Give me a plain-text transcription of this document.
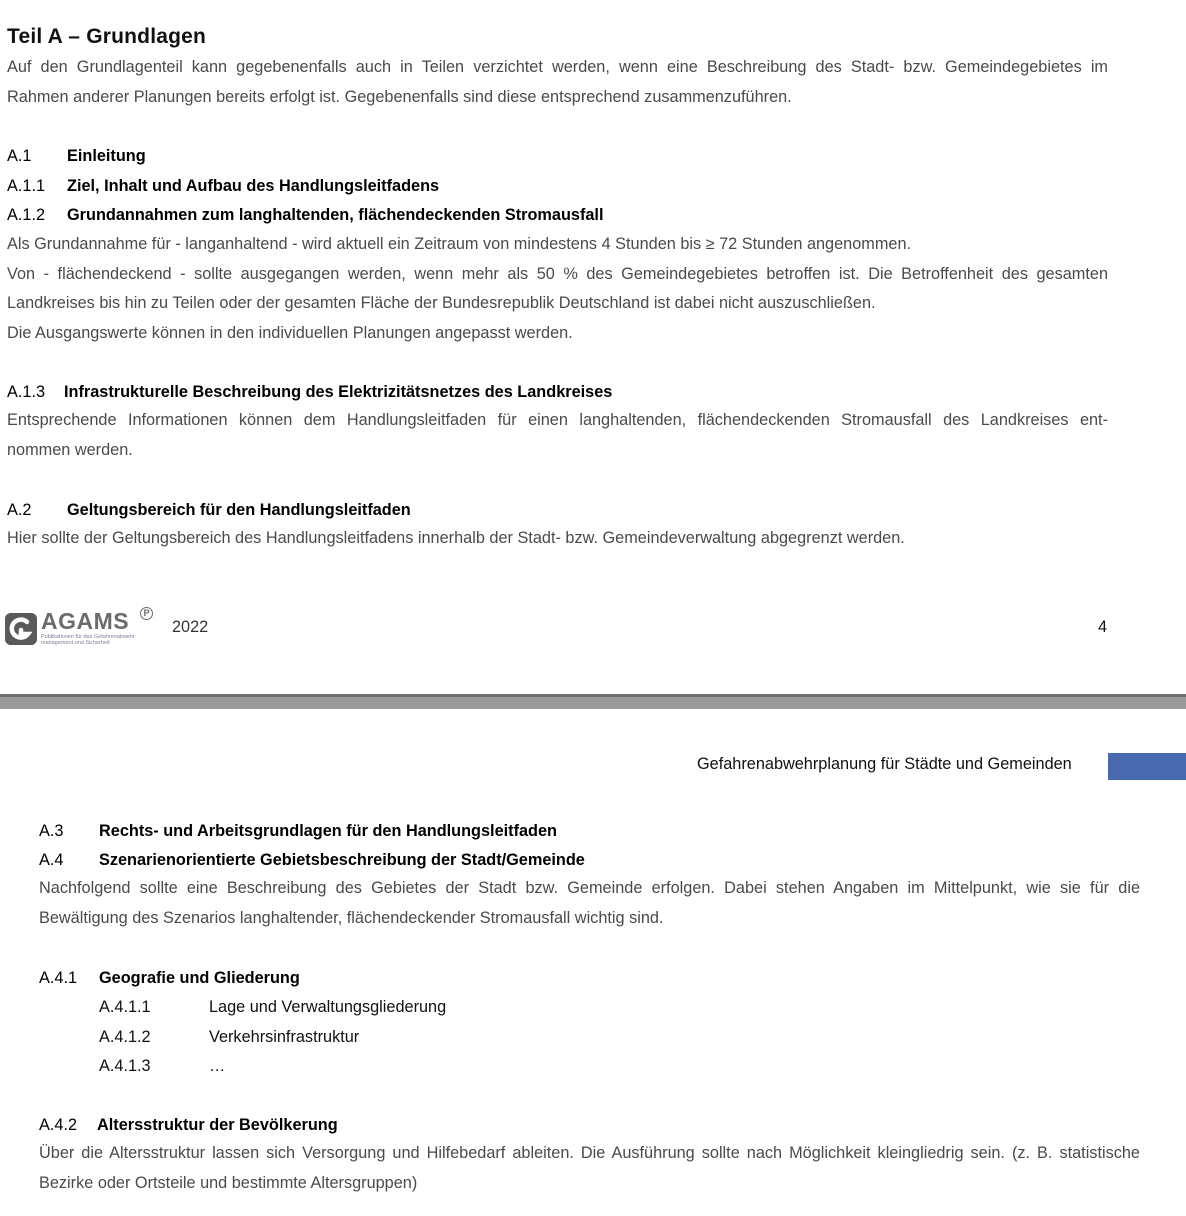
Teil A – Grundlagen
Auf den Grundlagenteil kann gegebenenfalls auch in Teilen verzichtet werden, wenn eine Beschreibung des Stadt- bzw. Gemeindegebietes im
Rahmen anderer Planungen bereits erfolgt ist. Gegebenenfalls sind diese entsprechend zusammenzuführen.
A.1 Einleitung
A.1.1 Ziel, Inhalt und Aufbau des Handlungsleitfadens
A.1.2 Grundannahmen zum langhaltenden, flächendeckenden Stromausfall
Als Grundannahme für - langanhaltend - wird aktuell ein Zeitraum von mindestens 4 Stunden bis ≥ 72 Stunden angenommen.
Von - flächendeckend - sollte ausgegangen werden, wenn mehr als 50 % des Gemeindegebietes betroffen ist. Die Betroffenheit des gesamten
Landkreises bis hin zu Teilen oder der gesamten Fläche der Bundesrepublik Deutschland ist dabei nicht auszuschließen.
Die Ausgangswerte können in den individuellen Planungen angepasst werden.
A.1.3 Infrastrukturelle Beschreibung des Elektrizitätsnetzes des Landkreises
Entsprechende Informationen können dem Handlungsleitfaden für einen langhaltenden, flächendeckenden Stromausfall des Landkreises ent-
nommen werden.
A.2 Geltungsbereich für den Handlungsleitfaden
Hier sollte der Geltungsbereich des Handlungsleitfadens innerhalb der Stadt- bzw. Gemeindeverwaltung abgegrenzt werden.
AGAMS	P
Publikationen für das Gefahrenabwehr-
management und Sicherheit
2022	4
Gefahrenabwehrplanung für Städte und Gemeinden
A.3 Rechts- und Arbeitsgrundlagen für den Handlungsleitfaden
A.4 Szenarienorientierte Gebietsbeschreibung der Stadt/Gemeinde
Nachfolgend sollte eine Beschreibung des Gebietes der Stadt bzw. Gemeinde erfolgen. Dabei stehen Angaben im Mittelpunkt, wie sie für die
Bewältigung des Szenarios langhaltender, flächendeckender Stromausfall wichtig sind.
A.4.1 Geografie und Gliederung
A.4.1.1	Lage und Verwaltungsgliederung
A.4.1.2	Verkehrsinfrastruktur
A.4.1.3	…
A.4.2 Altersstruktur der Bevölkerung
Über die Altersstruktur lassen sich Versorgung und Hilfebedarf ableiten. Die Ausführung sollte nach Möglichkeit kleingliedrig sein. (z. B. statistische
Bezirke oder Ortsteile und bestimmte Altersgruppen)
